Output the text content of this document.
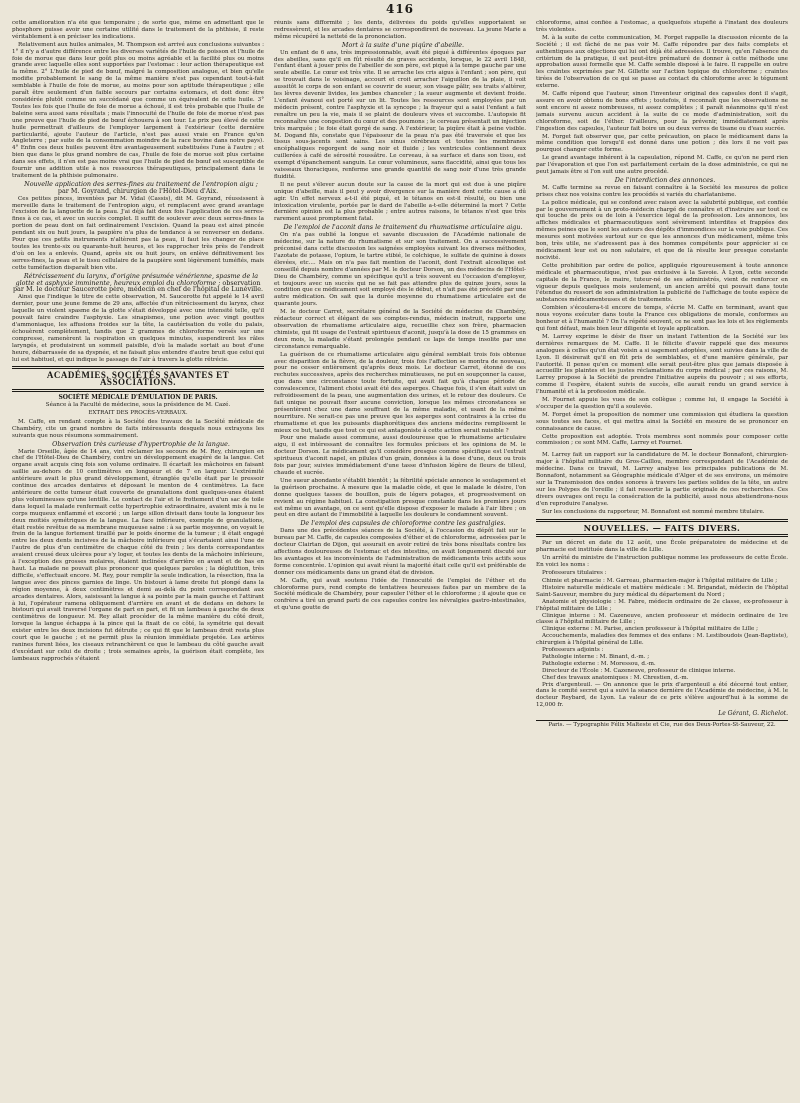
416

cette amélioration n'a été que temporaire ; de sorte que, même en admettant que le phosphore puisse avoir une certaine utilité dans le traitement de la phthisie, il reste véritablement à en préciser les indications.

Relativement aux huiles animales, M. Thompson est arrivé aux conclusions suivantes : 1° il n'y a d'autre différence entre les diverses variétés de l'huile de poisson et l'huile de foie de morue que dans leur goût plus ou moins agréable et la facilité plus ou moins grande avec laquelle elles sont supportées par l'estomac : leur action thérapeutique est la même. 2° L'huile de pied de bœuf, malgré la composition analogue, et bien qu'elle modifie probablement le sang de la même manière n'est pas cependant tout-à-fait semblable à l'huile de foie de morue, au moins pour son aptitude thérapeutique ; elle paraît être seulement d'un faible secours par certains estomacs, et doit donc être considérée plutôt comme un succédané que comme un équivalent de cette huile. 3° Toutes les fois que l'huile de foie de morue a échoué, il est très probable que l'huile de baleine sera aussi sans résultats ; mais l'innocuité de l'huile de foie de morue n'est pas une preuve que l'huile de pied de bœuf échouera à son tour. Le prix peu élevé de cette huile permettrait d'ailleurs de l'employer largement à l'extérieur (cette dernière particularité, ajoute l'auteur de l'article, n'est pas aussi vraie en France qu'en Angleterre ; par suite de la consommation moindre de la race bovine dans notre pays). 4° Enfin ces deux huiles peuvent être avantageusement substituées l'une à l'autre ; et bien que dans le plus grand nombre de cas, l'huile de foie de morue soit plus certaine dans ses effets, il n'en est pas moins vrai que l'huile de pied de bœuf est susceptible de fournir une addition utile à nos ressources thérapeutiques, principalement dans le traitement de la phthisie pulmonaire.

Nouvelle application des serres-fines au traitement de l'entropion aigu ; par M. Goyrand, chirurgien de l'Hôtel-Dieu d'Aix.

Ces petites pinces, inventées par M. Vidal (Cassis), dit M. Goyrand, réussissent à merveille dans le traitement de l'entropion aigu, et remplacent avec grand avantage l'excision de la languette de la peau. J'ai déjà fait deux fois l'application de ces serres-fines à ce cas, et avec un succès complet. Il suffit de soulever avec deux serres-fines la portion de peau dont on fait ordinairement l'excision. Quand la peau est ainsi pincée pendant six ou huit jours, la paupière n'a plus de tendance à se renverser en dedans. Pour que ces petits instruments n'altèrent pas la peau, il faut les changer de place toutes les trente-six ou quarante-huit heures, et les rapprocher très près de l'endroit d'où on les a enlevés. Quand, après six ou huit jours, on enlève définitivement les serres-fines, la peau et le tissu cellulaire de la paupière sont légèrement tuméfiés, mais cette tuméfaction disparaît bien vite.

Rétrécissement du larynx, d'origine présumée vénérienne, spasme de la glotte et asphyxie imminente, heureux emploi du chloroforme ; observation par M. le docteur Saucerotte père, médecin en chef de l'hôpital de Lunéville.

Ainsi que l'indique le titre de cette observation, M. Saucerotte fut appelé le 14 avril dernier, pour une jeune femme de 29 ans, affectée d'un rétrécissement du larynx, chez laquelle un violent spasme de la glotte s'était développé avec une intensité telle, qu'il pouvait faire craindre l'asphyxie. Les sinapismes, une potion avec vingt gouttes d'ammoniaque, les affusions froides sur la tête, la cautérisation du voile du palais, échouèrent complètement, tandis que 2 grammes de chloroforme versés sur une compresse, ramenèrent la respiration en quelques minutes, suspendirent les râles laryngés, et produisirent un sommeil paisible, d'où la malade sortait au bout d'une heure, débarrassée de sa dyspnée, et ne faisait plus entendre d'autre bruit que celui qui lui est habituel, et qui indique le passage de l'air à travers la glotte rétrécie.

ACADÉMIES, SOCIÉTÉS SAVANTES ET ASSOCIATIONS.
SOCIÉTÉ MÉDICALE D'ÉMULATION DE PARIS.
Séance à la Faculté de médecine, sous la présidence de M. Cazé.
EXTRAIT DES PROCÈS-VERBAUX.

M. Caffe, en rendant compte à la Société des travaux de la Société médicale de Chambéry, cite un grand nombre de faits intéressants desquels nous extrayons les suivants que nous résumons sommairement.

Observation très curieuse d'hypertrophie de la langue.

Marie Orseille, âgée de 14 ans, vint réclamer les secours de M. Rey, chirurgien en chef de l'Hôtel-Dieu de Chambéry, contre un développement exagéré de la langue. Cet organe avait acquis cinq fois son volume ordinaire. Il écartait les mâchoires en faisant saillie au-dehors de 10 centimètres en longueur et de 7 en largeur. L'extrémité antérieure avait le plus grand développement, étranglée qu'elle était par le pressoir continue des arcades dentaires et déposant le menton de 4 centimètres. La face antérieure de cette tumeur était couverte de granulations dont quelques-unes étaient plus volumineuses qu'une lentille. Le contact de l'air et le frottement d'un sac de toile dans lequel la malade renfermait cette hypertrophie extraordinaire, avaient mis à nu le corps muqueux enflammé et excorié ; un large sillon divisait dans toute la longueur les deux moitiés symétriques de la langue. La face inférieure, exempte de granulations, était restée revêtue de sa membrane muqueuse saine : à sa partie moyenne, on voyait le frein de la langue fortement tiraillé par le poids énorme de la tumeur ; il était engagé entre les deux dents incisives de la mâchoire inférieure qui s'écartaient ainsi l'une de l'autre de plus d'un centimètre de chaque côté du frein ; les dents correspondantes avaient creusé deux ulcères pour s'y loger, et toutes les dents de la mâchoire inférieure, à l'exception des grosses molaires, étaient inclinées d'arrière en avant et de bas en haut. La malade ne pouvait plus prononcer que quelques paroles ; la déglutition, très difficile, s'effectuait encore. M. Rey, pour remplir la seule indication, la résection, fixa la langue avec des pinces garnies de linge. Un bistouri à lame droite fut plongé dans la région moyenne, à deux centimètres et demi au-delà du point correspondant aux arcades dentaires. Alors, saisissant la langue à sa pointe par la main gauche et l'attirant à lui, l'opérateur ramena obliquement d'arrière en avant et de dedans en dehors le bistouri qui avait traversé l'organe de part en part, et fit un lambeau à gauche de deux centimètres de longueur. M. Rey allait procéder de la même manière du côté droit, lorsque la langue échappa à la pince qui la fixait de ce côté, la symétrie qui devait exister entre les deux incisions fut détruite ; ce qui fit que le lambeau droit resta plus court que le gauche ; et ne permit plus la réunion immédiate projetée. Les artères ranines furent liées, les ciseaux retranchèrent ce que le lambeau du côté gauche avait d'excédant sur celui de droite ; trois semaines après, la guérison était complète, les lambeaux rapprochés s'étaient

réunis sans difformité ; les dents, délivrées du poids qu'elles supportaient se redressèrent, et les arcades dentaires se correspondirent de nouveau. La jeune Marie a même récupéré la netteté de la prononciation.

Mort à la suite d'une piqûre d'abeille.

Un enfant de 6 ans, très impressionnable, avait été piqué à différentes époques par des abeilles, sans qu'il en fût résulté de graves accidents, lorsque, le 22 avril 1848, l'enfant étant à jouer près de l'abeiller de son père, est piqué à la tempe gauche par une seule abeille. Le cœur est très vite. Il se arrache les cris aigus à l'enfant ; son père, qui se trouvait dans le voisinage, accourt et croit arracher l'aiguillon de la plaie, il voit aussitôt le corps de son enfant se couvrir de sueur, son visage pâlir, ses traits s'altérer, les lèvres devenir livides, les jambes chanceler ; la sueur augmente et devient froide. L'enfant évanoui est porté sur un lit. Toutes les ressources sont employées par un médecin présent, contre l'asphyxie et la syncope ; la frayeur qui a saisi l'enfant a fait renaître un peu la vie, mais il se plaint de douleurs vives et succombe. L'autopsie fit reconnaître une congestion du cœur et des poumons ; le cerveau présentait un injection très marquée ; le foie était gorgé de sang. À l'extérieur, la piqûre était à peine visible. M. Dogand fils, constate que l'épaisseur de la peau n'a pas été traversée et que les tissus sous-jacents sont sains. Les sinus cérébraux et toutes les membranes encéphaliques regorgent de sang noir et fluide ; les ventricules contiennent deux cuillerées à café de sérosité roussâtre. Le cerveau, à sa surface et dans son tissu, est exempt d'épanchement sanguin. Le cœur volumineux, sans flaccidité, ainsi que tous les vaisseaux thoraciques, renferme une grande quantité de sang noir d'une très grande fluidité.

Il ne peut s'élever aucun doute sur la cause de la mort qui est due à une piqûre unique d'abeille, mais il peut y avoir divergence sur la manière dont cette cause a dû agir. Un effet nerveux a-t-il été piqué, et le tétanos en est-il résulté, ou bien une intoxication virulente, portée par le dard de l'abeille a-t-elle déterminé la mort ? Cette dernière opinion est la plus probable ; entre autres raisons, le tétanos n'est que très rarement aussi promptement fatal.

De l'emploi de l'aconit dans le traitement du rhumatisme articulaire aigu.

On n'a pas oublié la longue et savante discussion de l'Académie nationale de médecine, sur la nature du rhumatisme et sur son traitement. On a successivement préconisé dans cette discussion les saignées employées suivant les diverses méthodes, l'azotate de potasse, l'opium, le tartre stibié, le colchique, le sulfate de quinine à doses élevées, etc.... Mais on n'a pas fait mention de l'aconit, dont l'extrait alcoolique est conseillé depuis nombre d'années par M. le docteur Dorson, un des médecins de l'Hôtel-Dieu de Chambéry, comme un spécifique qu'il a très souvent eu l'occasion d'employer, et toujours avec un succès qui ne se fait pas attendre plus de quinze jours, sous la condition que ce médicament soit employé dès le début, et n'ait pas été précédé par une autre médication. On sait que la durée moyenne du rhumatisme articulaire est de quarante jours.

M. le docteur Carret, secrétaire général de la Société de médecine de Chambéry, rédacteur correct et élégant de ses comptes-rendus, médecin instruit, rapporte une observation de rhumatisme articulaire aigu, recueillie chez son frère, pharmacien chimiste, qui fit usage de l'extrait spiritueux d'aconit, jusqu'à la dose de 15 grammes en deux mois, la maladie s'étant prolongée pendant ce laps de temps insolite par une circonstance remarquable.

La guérison de ce rhumatisme articulaire aigu général semblait trois fois obtenue avec disparition de la fièvre, de la douleur, trois fois l'affection se montra de nouveau, pour ne cesser entièrement qu'après deux mois. Le docteur Carret, étonné de ces rechutes successives, après des recherches minutieuses, ne put en soupçonner la cause, que dans une circonstance toute fortuite, qui avait fait qu'à chaque période de convalescence, l'aliment choisi avait été des asperges. Chaque fois, il s'en était suivi un refroidissement de la peau, une augmentation des urines, et le retour des douleurs. Ce fait unique ne pouvait fixer aucune conviction, lorsque les mêmes circonstances se présentèrent chez une dame souffrant de la même maladie, et usant de la même nourriture. Ne serait-ce pas une preuve que les asperges sont contraires à la crise du rhumatisme et que les puissants diaphorétiques des anciens médecins remplissent le mieux ce but, tandis que tout ce qui est antagoniste à cette action serait nuisible ?

Pour une malade aussi commune, aussi douloureuse que le rhumatisme articulaire aigu, il est intéressant de connaître les formules précises et les opinions de M. le docteur Dorson. Le médicament qu'il considère presque comme spécifique est l'extrait spiritueux d'aconit napel, en pilules d'un grain, données à la dose d'une, deux ou trois fois par jour, suivies immédiatement d'une tasse d'infusion légère de fleurs de tilleul, chaude et sucrée.

Une sueur abondante s'établit bientôt ; la fébrilité spéciale annonce le soulagement et la guérison prochaine. À mesure que la maladie cède, et que le malade le désire, l'on donne quelques tasses de bouillon, puis de légers potages, et progressivement on revient au régime habituel. La constipation presque constante dans les premiers jours est même un avantage, on ce sent qu'elle dispose d'exposer le malade à l'air libre ; on peut en dire autant de l'immobilité à laquelle les douleurs le condamnent souvent.

De l'emploi des capsules de chloroforme contre les gastralgies.

Dans une des précédentes séances de la Société, à l'occasion du dépôt fait sur le bureau par M. Caffe, de capsules composées d'éther et de chloroforme, adressées par le docteur Clairtan de Dijon, qui assurait en avoir retiré de très bons résultats contre les affections douloureuses de l'estomac et des intestins, on avait longuement discuté sur les avantages et les inconvénients de l'administration de médicaments très actifs sous forme concentrée. L'opinion qui avait réuni la majorité était celle qu'il est préférable de donner ces médicaments dans un grand état de division.

M. Caffe, qui avait soutenu l'idée de l'innocuité de l'emploi de l'éther et du chloroforme purs, rend compte de tentatives heureuses faites par un membre de la Société médicale de Chambéry, pour capsuler l'éther et le chloroforme ; il ajoute que ce confrère a tiré un grand parti de ces capsules contre les névralgies gastro-intestinales, et qu'une goutte de

chloroforme, ainsi confiée à l'estomac, a quelquefois stupéfié à l'instant des douleurs très violentes.

M. à la suite de cette communication, M. Forget rappelle la discussion récente de la Société ; il est fâché de ne pas voir M. Caffe répondre par des faits complets et authentiques aux objections qui lui ont déjà été adressées. Il trouve, qu'en l'absence du critérium de la pratique, il est peut-être prématuré de donner à cette méthode une approbation aussi formelle que M. Caffe semble disposé à le faire. Il rappelle en outre les craintes exprimées par M. Gillette sur l'action topique du chloroforme ; craintes tirées de l'observation de ce qui se passe au contact du chloroforme avec le tégument externe.

M. Caffe répond que l'auteur, sinon l'inventeur original des capsules dont il s'agit, assure en avoir obtenu de bons effets ; toutefois, il reconnaît que les observations ne sont encore ni assez nombreuses, ni assez complètes ; il paraît néanmoins qu'il n'est jamais survenu aucun accident à la suite de ce mode d'administration, soit du chloroforme, soit de l'éther. D'ailleurs, pour la prévenir, immédiatement après l'ingestion des capsules, l'auteur fait boire un ou deux verres de tisane ou d'eau sucrée.

M. Forget fait observer que, par cette précaution, on place le médicament dans la même condition que lorsqu'il est donné dans une potion ; dès lors il ne voit pas pourquoi changer cette forme.

Le grand avantage inhérent à la capsulation, répond M. Caffe, ce qu'on ne perd rien par l'évaporation et que l'on est parfaitement certain de la dose administrée, ce qui ne peut jamais être si l'on suit une autre procédé.

De l'interdiction des annonces.

M. Caffe termine sa revue en faisant connaître à la Société les mesures de police prises chez nos voisins contre les procédés si variés du charlatanisme.

La police médicale, qui se confond avec raison avec la salubrité publique, est confiée par le gouvernement à un proto-médecin chargé de connaître et d'instruire sur tout ce qui touche de près ou de loin à l'exercice légal de la profession. Les annonces, les affiches médicales et pharmaceutiques sont sévèrement interdites et frappées des mêmes peines que le sont les auteurs des dépôts d'immondices sur la voie publique. Ces mesures sont motivées surtout sur ce que les annonces d'un médicament, même très bon, très utile, ne s'adressent pas à des hommes compétents pour apprécier si ce médicament leur est ou non salutaire, et que de là résulte leur presque constante nocivité.

Cette prohibition par ordre de police, appliquée rigoureusement à toute annonce médicale et pharmaceutique, n'est pas exclusive à la Savoie. À Lyon, cette seconde capitale de la France, le maire, tuteur-né de ses administrés, vient de renforcer en vigueur depuis quelques mois seulement, un ancien arrêté qui pouvait dans toute l'étendue du ressort de son administration la publicité de l'affichage de toute espèce de substances médicamenteuses et de traitements.

Combien s'écoulera-t-il encore de temps, s'écrie M. Caffe en terminant, avant que nous voyons exécuter dans toute la France ces obligations de morale, conformes au bonheur et à l'humanité ? On l'a répété souvent, ce ne sont pas les lois et les règlements qui font défaut, mais bien leur diligente et loyale application.

M. Larrey exprime le désir de fixer un instant l'attention de la Société sur les dernières remarques de M. Caffe. Il le félicite d'avoir rappelé que des mesures analogues à celles qu'un état voisin a si sagement adoptées, sont suivies dans la ville de Lyon. Il désirerait qu'il en fût pris de semblables, et d'une manière générale, par l'autorité. Il pense qu'en ce moment elle serait peut-être plus que jamais disposée à accueillir les plaintes et les justes réclamations du corps médical ; par ces raisons, M. Larrey propose à la Société de prendre l'initiative auprès du pouvoir ; si ses efforts, comme il l'espère, étaient suivis de succès, elle aurait rendu un grand service à l'humanité et à la profession médicale.

M. Fournet appuie les vues de son collègue ; comme lui, il engage la Société à s'occuper de la question qu'il a soulevée.

M. Forget émet la proposition de nommer une commission qui étudiera la question sous toutes ses faces, et qui mettra ainsi la Société en mesure de se prononcer en connaissance de cause.

Cette proposition est adoptée. Trois membres sont nommés pour composer cette commission ; ce sont MM. Caffe, Larrey et Fournet.

M. Larrey fait un rapport sur la candidature de M. le docteur Bonnafont, chirurgien-major à l'hôpital militaire du Gros-Caillou, membre correspondant de l'Académie de médecine. Dans ce travail, M. Larrey analyse les principales publications de M. Bonnafont, notamment sa Géographie médicale d'Alger et de ses environs, un mémoire sur la Transmission des ondes sonores à travers les parties solides de la tête, un autre sur les Polypes de l'oreille ; il fait ressortir la partie originale de ces recherches. Ces divers ouvrages ont reçu la consécration de la publicité, aussi nous abstiendrons-nous d'en reproduire l'analyse.

Sur les conclusions du rapporteur, M. Bonnafont est nommé membre titulaire.

NOUVELLES. — FAITS DIVERS.

Par un décret en date du 12 août, une École préparatoire de médecine et de pharmacie est instituée dans la ville de Lille.

Un arrêté du ministre de l'instruction publique nomme les professeurs de cette École. En voici les noms :

Professeurs titulaires :

Chimie et pharmacie : M. Garreau, pharmacien-major à l'hôpital militaire de Lille ;
Histoire naturelle médicale et matière médicale : M. Brigandat, médecin de l'hôpital Saint-Sauveur, membre du jury médical du département du Nord ;
Anatomie et physiologie : M. Fabre, médecin ordinaire de 2e classe, ex-professeur à l'hôpital militaire de Lille ;
Clinique interne : M. Cazeneuve, ancien professeur et médecin ordinaire de 1re classe à l'hôpital militaire de Lille ;
Clinique externe : M. Parise, ancien professeur à l'hôpital militaire de Lille ;
Accouchements, maladies des femmes et des enfans : M. Lestiboudois (Jean-Baptiste), chirurgien à l'hôpital général de Lille.
Professeurs adjoints :
Pathologie interne : M. Binant, d.-m. ;
Pathologie externe : M. Moressou, d.-m.
Directeur de l'École : M. Cazeneuve, professeur de clinique interne.
Chef des travaux anatomiques : M. Chrestien, d.-m.

Prix d'argenteuil. — On annonce que le prix d'argenteuil a été décerné tout entier, dans le comité secret qui a suivi la séance dernière de l'Académie de médecine, à M. le docteur Reybard, de Lyon. La valeur de ce prix s'élève aujourd'hui à la somme de 12,000 fr.

Le Gérant, G. Richelot.
Paris. — Typographie Félix Malteste et Cie, rue des Deux-Portes-St-Sauveur, 22.
